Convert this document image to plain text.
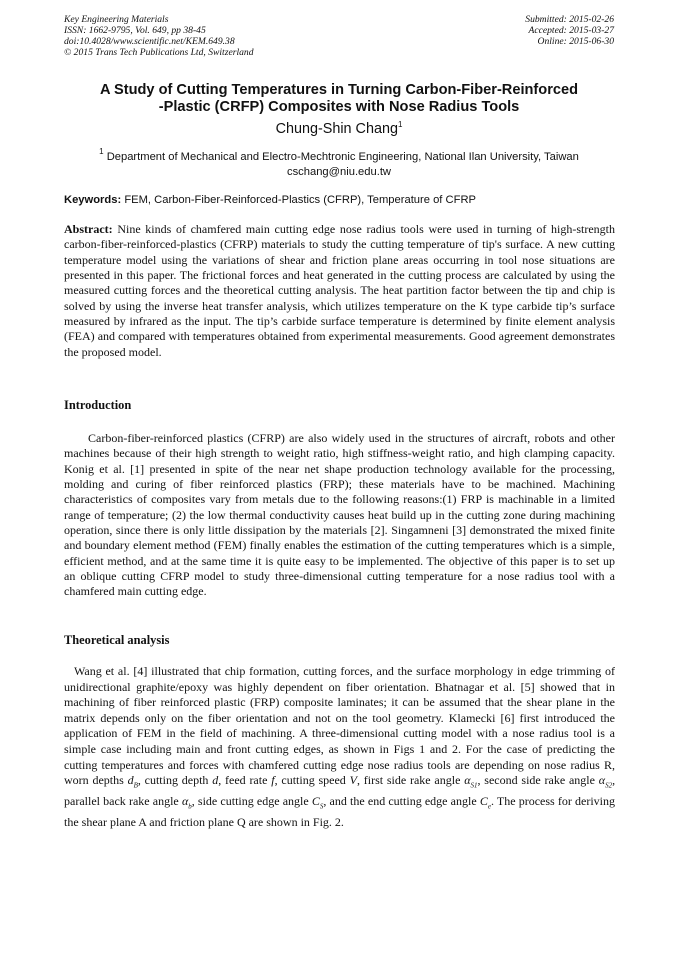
Key Engineering Materials
ISSN: 1662-9795, Vol. 649, pp 38-45
doi:10.4028/www.scientific.net/KEM.649.38
© 2015 Trans Tech Publications Ltd, Switzerland
Submitted: 2015-02-26
Accepted: 2015-03-27
Online: 2015-06-30
A Study of Cutting Temperatures in Turning Carbon-Fiber-Reinforced
-Plastic (CRFP) Composites with Nose Radius Tools
Chung-Shin Chang$^1$
$^1$ Department of Mechanical and Electro-Mechtronic Engineering, National Ilan University, Taiwan
cschang@niu.edu.tw
Keywords: FEM, Carbon-Fiber-Reinforced-Plastics (CFRP), Temperature of CFRP
Abstract: Nine kinds of chamfered main cutting edge nose radius tools were used in turning of high-strength carbon-fiber-reinforced-plastics (CFRP) materials to study the cutting temperature of tip's surface. A new cutting temperature model using the variations of shear and friction plane areas occurring in tool nose situations are presented in this paper. The frictional forces and heat generated in the cutting process are calculated by using the measured cutting forces and the theoretical cutting analysis. The heat partition factor between the tip and chip is solved by using the inverse heat transfer analysis, which utilizes temperature on the K type carbide tip’s surface measured by infrared as the input. The tip’s carbide surface temperature is determined by finite element analysis (FEA) and compared with temperatures obtained from experimental measurements. Good agreement demonstrates the proposed model.
Introduction
Carbon-fiber-reinforced plastics (CFRP) are also widely used in the structures of aircraft, robots and other machines because of their high strength to weight ratio, high stiffness-weight ratio, and high clamping capacity. Konig et al. [1] presented in spite of the near net shape production technology available for the processing, molding and curing of fiber reinforced plastics (FRP); these materials have to be machined. Machining characteristics of composites vary from metals due to the following reasons:(1) FRP is machinable in a limited range of temperature; (2) the low thermal conductivity causes heat build up in the cutting zone during machining operation, since there is only little dissipation by the materials [2]. Singamneni [3] demonstrated the mixed finite and boundary element method (FEM) finally enables the estimation of the cutting temperatures which is a simple, efficient method, and at the same time it is quite easy to be implemented. The objective of this paper is to set up an oblique cutting CFRP model to study three-dimensional cutting temperature for a nose radius tool with a chamfered main cutting edge.
Theoretical analysis
Wang et al. [4] illustrated that chip formation, cutting forces, and the surface morphology in edge trimming of unidirectional graphite/epoxy was highly dependent on fiber orientation. Bhatnagar et al. [5] showed that in machining of fiber reinforced plastic (FRP) composite laminates; it can be assumed that the shear plane in the matrix depends only on the fiber orientation and not on the tool geometry. Klamecki [6] first introduced the application of FEM in the field of machining. A three-dimensional cutting model with a nose radius tool is a simple case including main and front cutting edges, as shown in Figs 1 and 2. For the case of predicting the cutting temperatures and forces with chamfered cutting edge nose radius tools are depending on nose radius R, worn depths $d_B$, cutting depth d, feed rate f, cutting speed V, first side rake angle $\alpha_{S1}$, second side rake angle $\alpha_{S2}$, parallel back rake angle $\alpha_b$, side cutting edge angle $C_S$, and the end cutting edge angle $C_e$. The process for deriving the shear plane A and friction plane Q are shown in Fig. 2.
